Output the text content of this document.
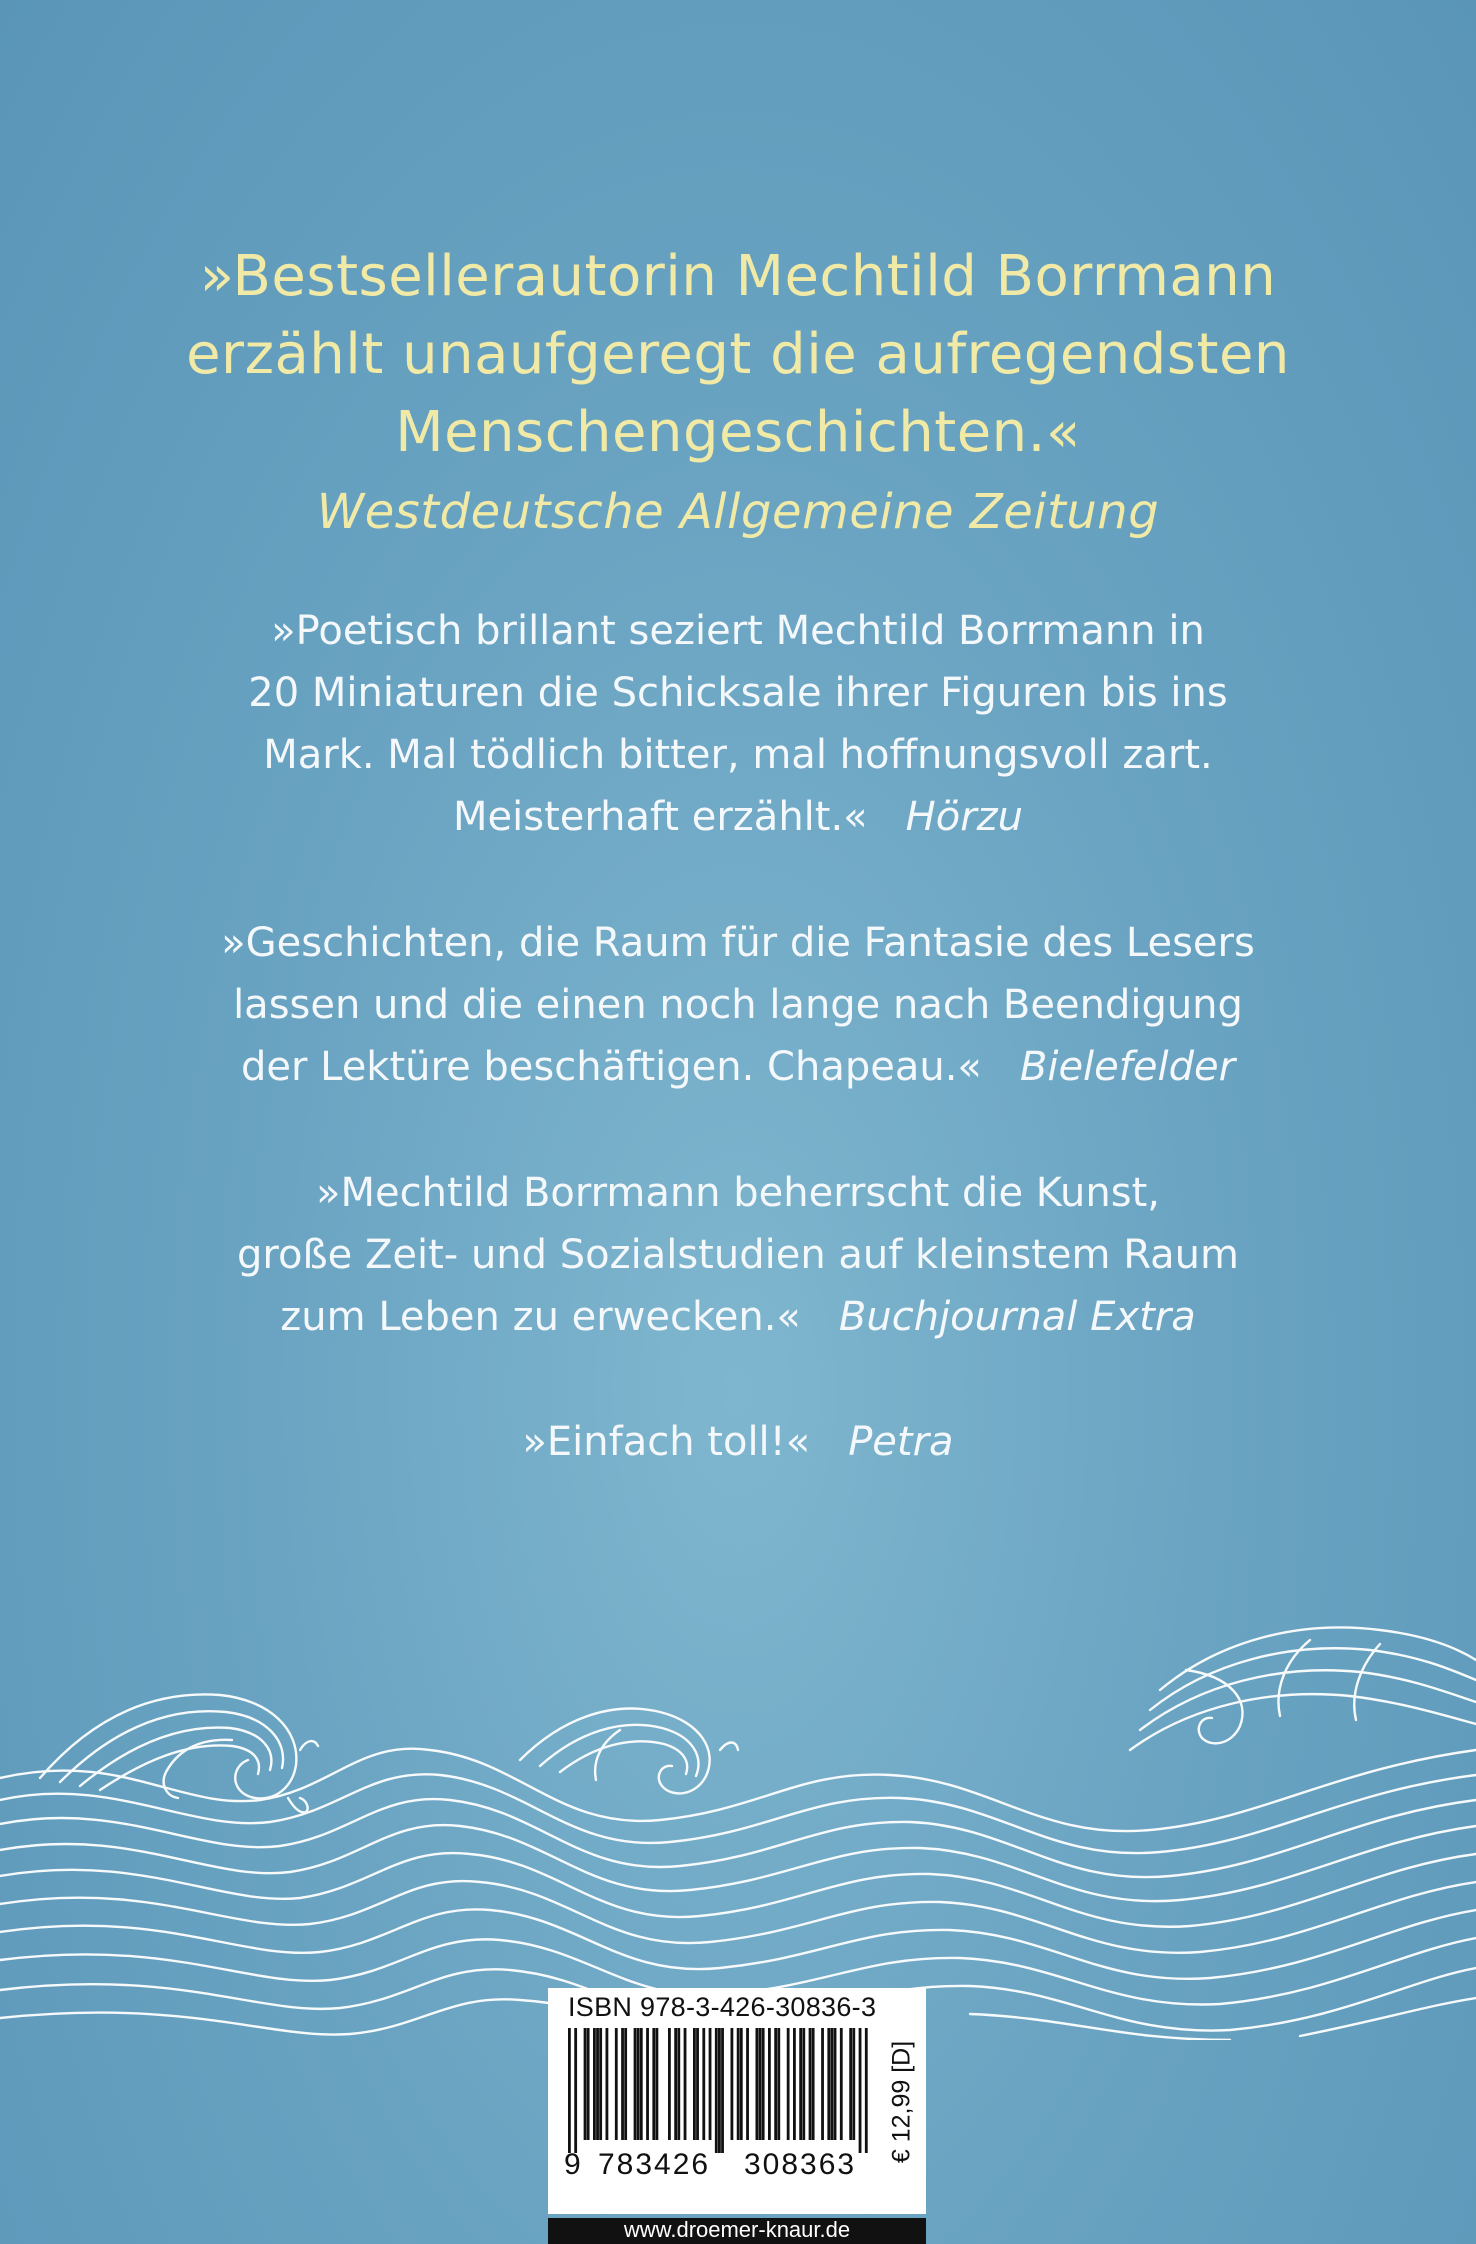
»Bestsellerautorin Mechtild Borrmann
erzählt unaufgeregt die aufregendsten
Menschengeschichten.«
Westdeutsche Allgemeine Zeitung
»Poetisch brillant seziert Mechtild Borrmann in
20 Miniaturen die Schicksale ihrer Figuren bis ins
Mark. Mal tödlich bitter, mal hoffnungsvoll zart.
Meisterhaft erzählt.« Hörzu
»Geschichten, die Raum für die Fantasie des Lesers
lassen und die einen noch lange nach Beendigung
der Lektüre beschäftigen. Chapeau.« Bielefelder
»Mechtild Borrmann beherrscht die Kunst,
große Zeit- und Sozialstudien auf kleinstem Raum
zum Leben zu erwecken.« Buchjournal Extra
»Einfach toll!« Petra
ISBN 978-3-426-30836-3
9 783426 308363
€ 12,99 [D]
www.droemer-knaur.de
